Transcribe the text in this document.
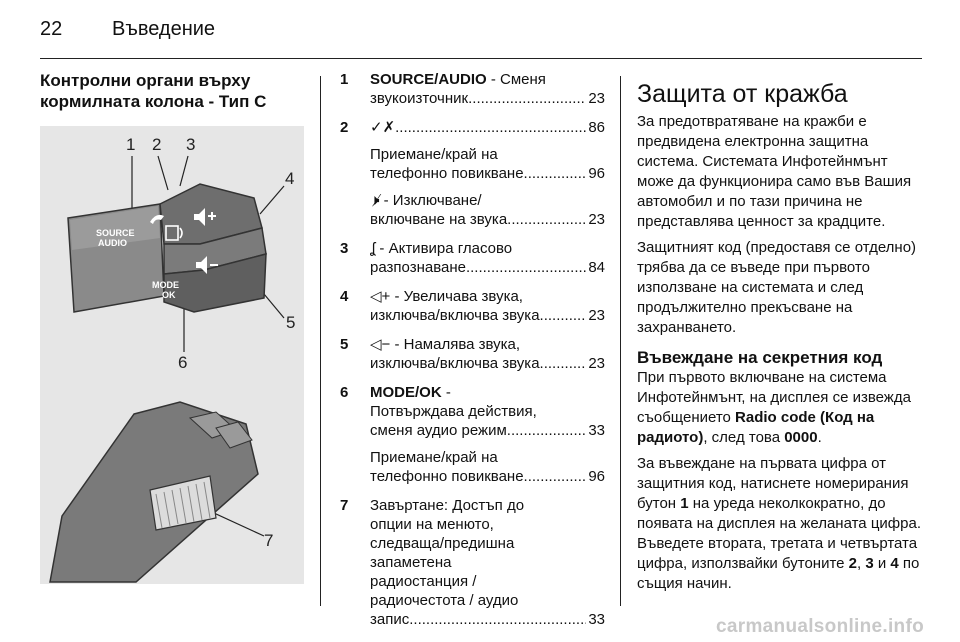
22 Въведение
Контролни органи върху кормилната колона - Тип C
SOURCE
AUDIO
MODE
OK
1 2 3
4
5
6
7
1 SOURCE/AUDIO - Сменя
звукоизточник .....	23
2 ✓✗ .....	86
Приемане/край на
телефонно повикване .....	96
🕨̸ - Изключване/
включване на звука .....	23
3 ʆ - Активира гласово
разпознаване .....	84
4 ◁+ - Увеличава звука,
изключва/включва звука .....	23
5 ◁− - Намалява звука,
изключва/включва звука .....	23
6 MODE/OK -
Потвърждава действия,
сменя аудио режим .....	33
Приемане/край на
телефонно повикване .....	96
7 Завъртане: Достъп до
опции на менюто,
следваща/предишна
запаметена
радиостанция /
радиочестота / аудио
запис .....	33
Защита от кражба

За предотвратяване на кражби е предвидена електронна защитна система. Системата Инфотейнмънт може да функционира само във Вашия автомобил и по тази причина не представлява ценност за крадците.

Защитният код (предоставя се отделно) трябва да се въведе при първото използване на системата и след продължително прекъсване на захранването.

Въвеждане на секретния код

При първото включване на система Инфотейнмънт, на дисплея се извежда съобщението Radio code (Код на радиото), след това 0000.

За въвеждане на първата цифра от защитния код, натиснете номерирания бутон 1 на уреда неколкократно, до появата на дисплея на желаната цифра. Въведете втората, третата и четвъртата цифра, използвайки бутоните 2, 3 и 4 по същия начин.

carmanualsonline.info
